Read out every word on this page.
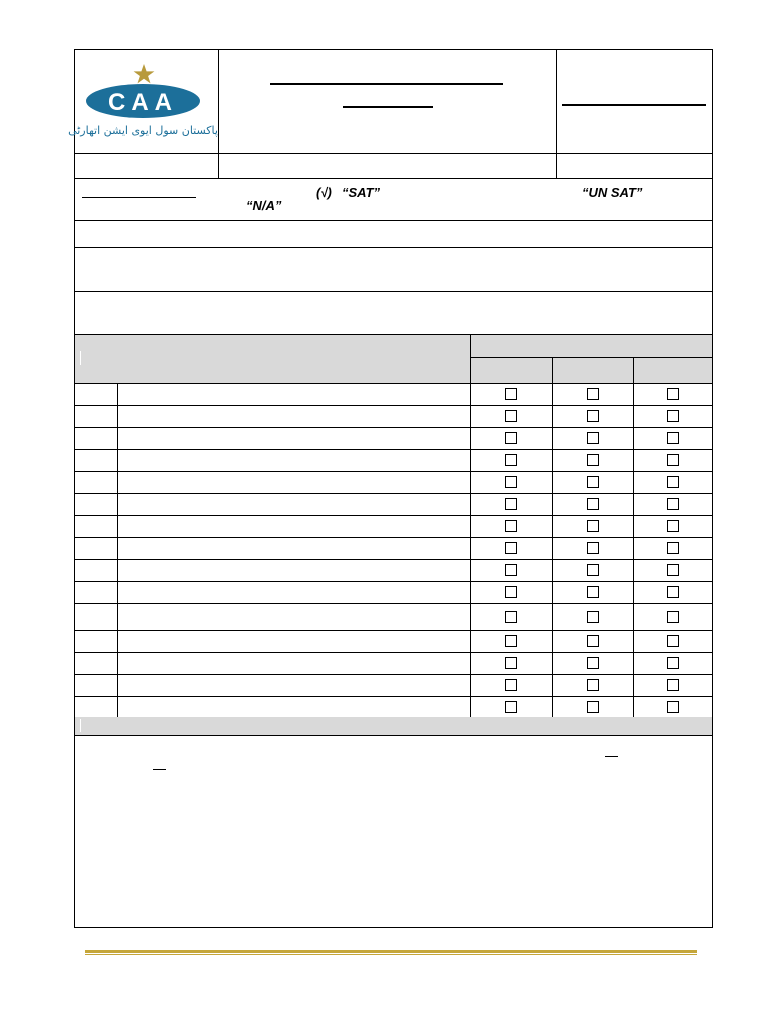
CAA
پاکستان سول ایوی ایشن اتھارٹی
(√) “SAT”	“UN SAT”
“N/A”
